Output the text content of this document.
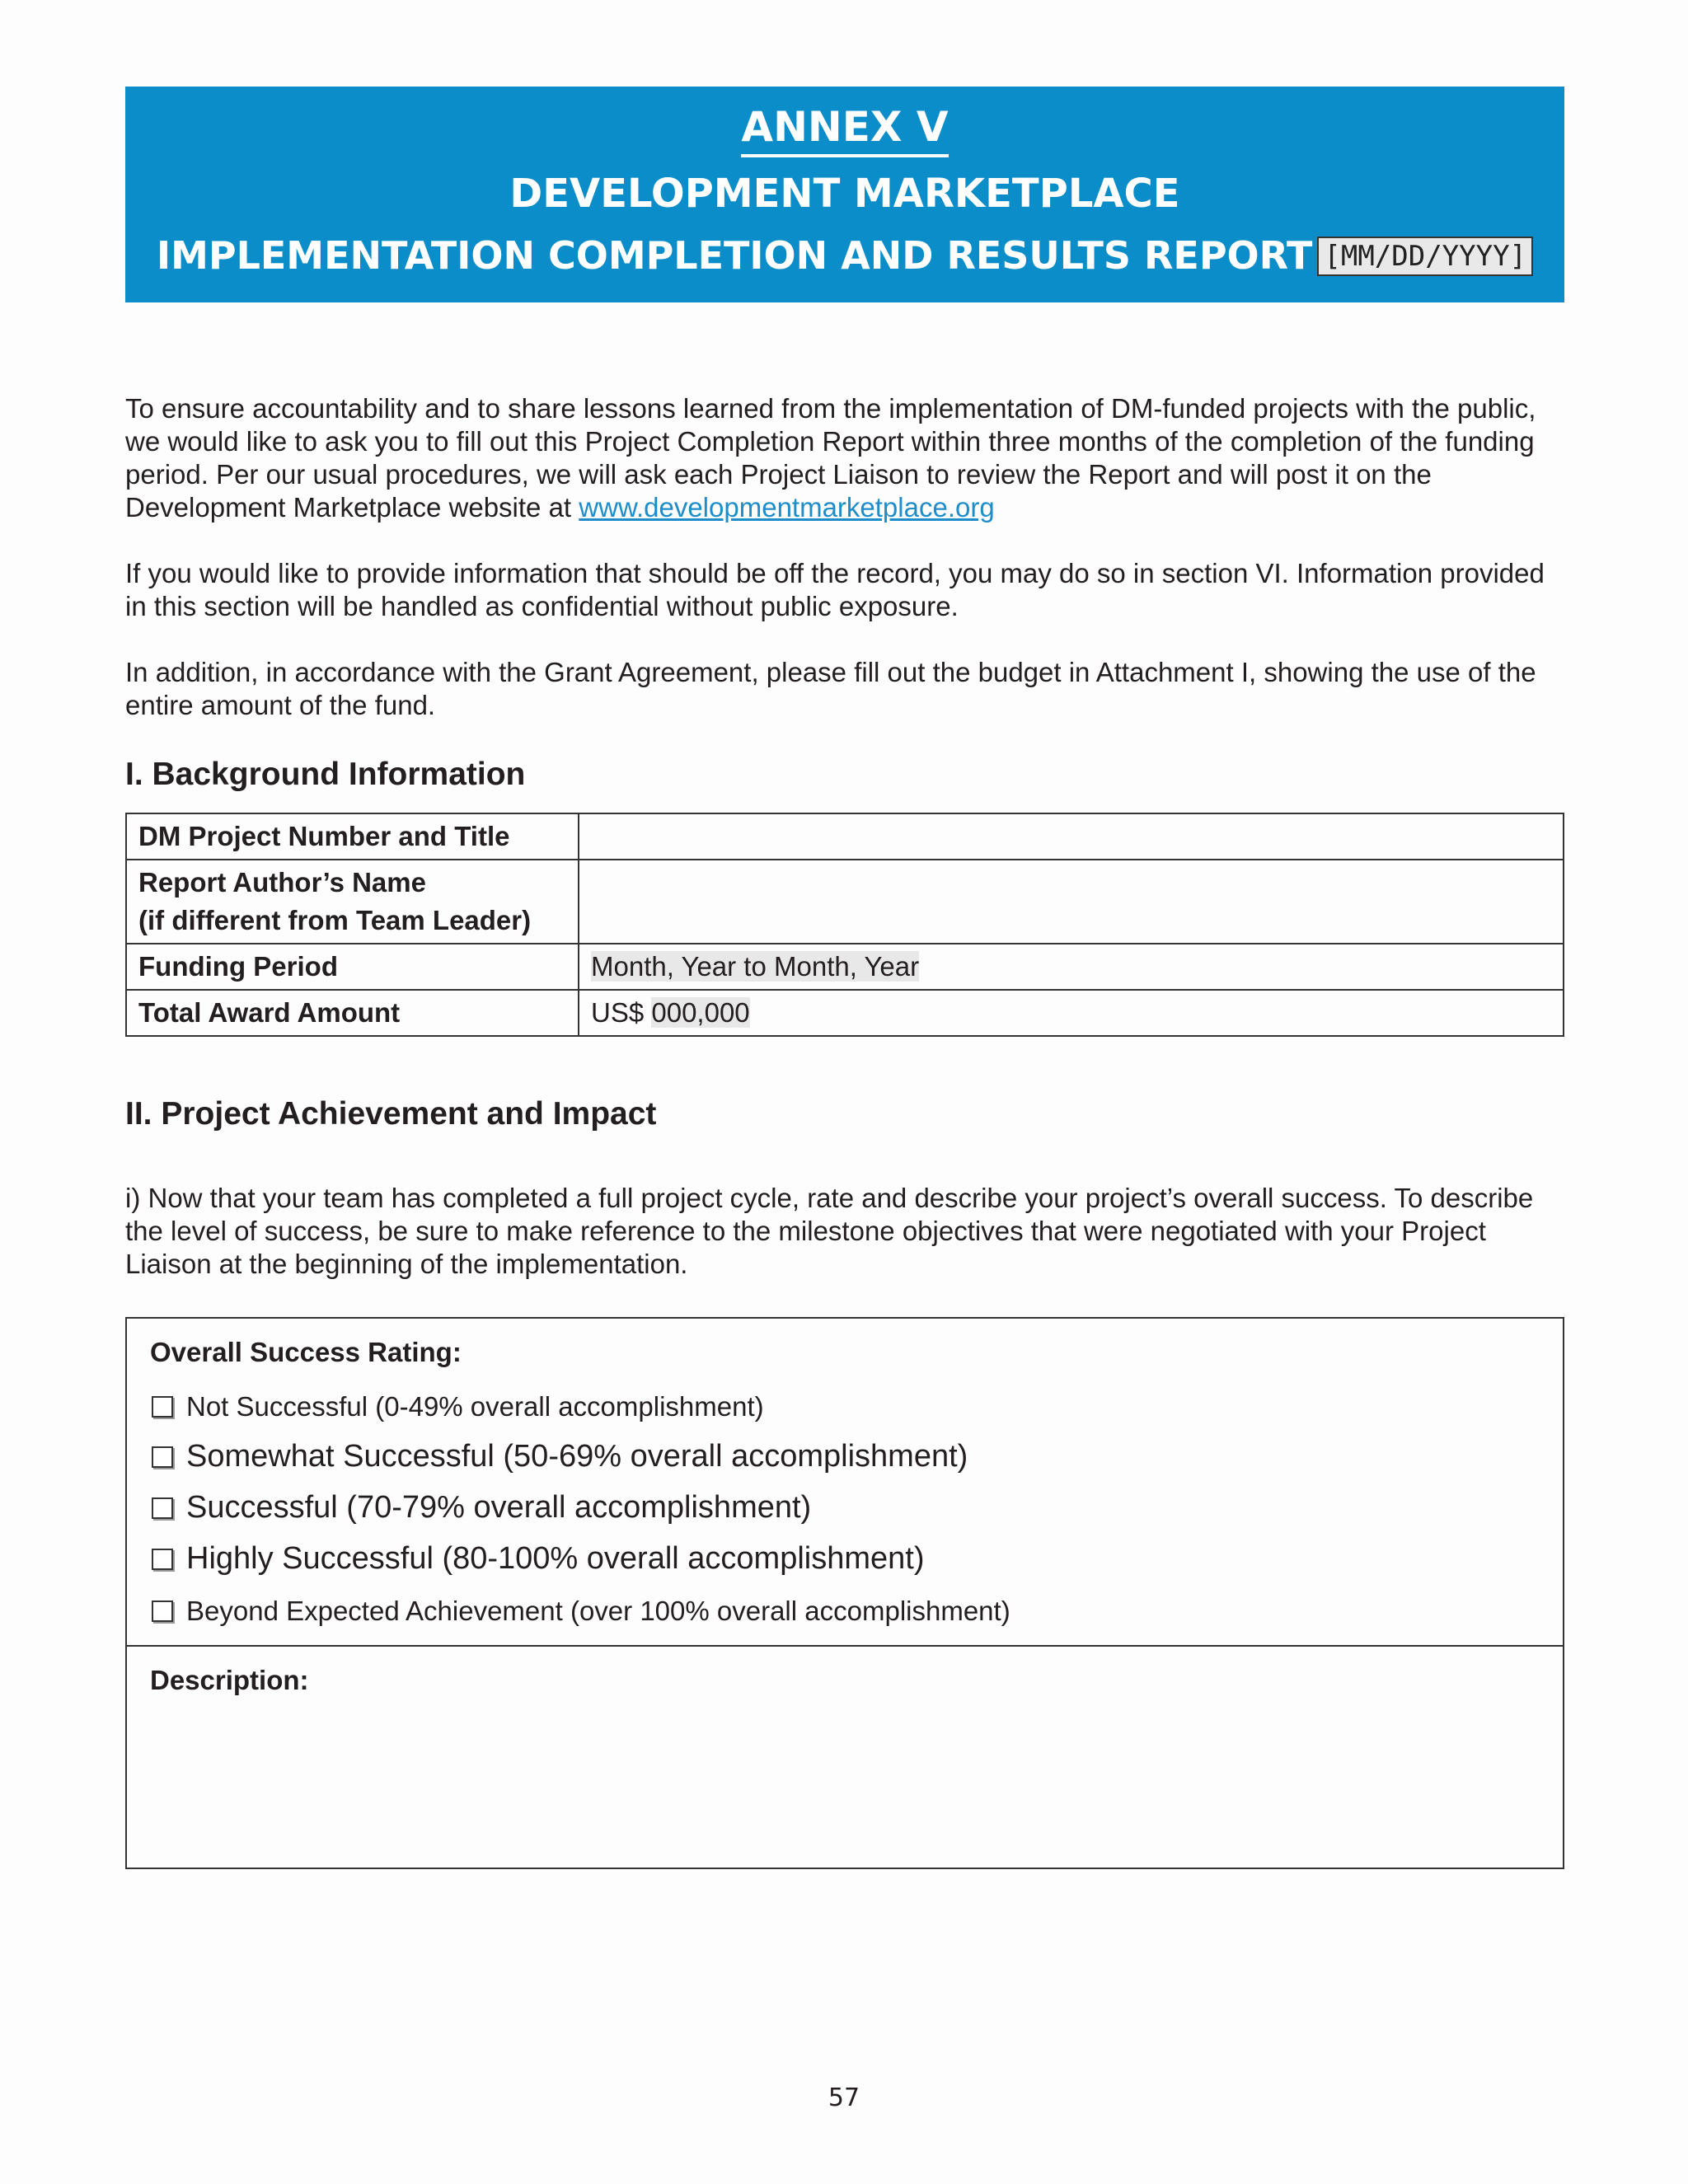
ANNEX V
DEVELOPMENT MARKETPLACE
IMPLEMENTATION COMPLETION AND RESULTS REPORT [MM/DD/YYYY]

To ensure accountability and to share lessons learned from the implementation of DM-funded projects with the public, we would like to ask you to fill out this Project Completion Report within three months of the completion of the funding period. Per our usual procedures, we will ask each Project Liaison to review the Report and will post it on the Development Marketplace website at www.developmentmarketplace.org

If you would like to provide information that should be off the record, you may do so in section VI. Information provided in this section will be handled as confidential without public exposure.

In addition, in accordance with the Grant Agreement, please fill out the budget in Attachment I, showing the use of the entire amount of the fund.

I. Background Information
DM Project Number and Title	
Report Author’s Name
(if different from Team Leader)	
Funding Period	Month, Year to Month, Year
Total Award Amount	US$ 000,000
II. Project Achievement and Impact

i) Now that your team has completed a full project cycle, rate and describe your project’s overall success. To describe the level of success, be sure to make reference to the milestone objectives that were negotiated with your Project Liaison at the beginning of the implementation.

Overall Success Rating:
Not Successful (0-49% overall accomplishment)
Somewhat Successful (50-69% overall accomplishment)
Successful (70-79% overall accomplishment)
Highly Successful (80-100% overall accomplishment)
Beyond Expected Achievement (over 100% overall accomplishment)
Description:
57
